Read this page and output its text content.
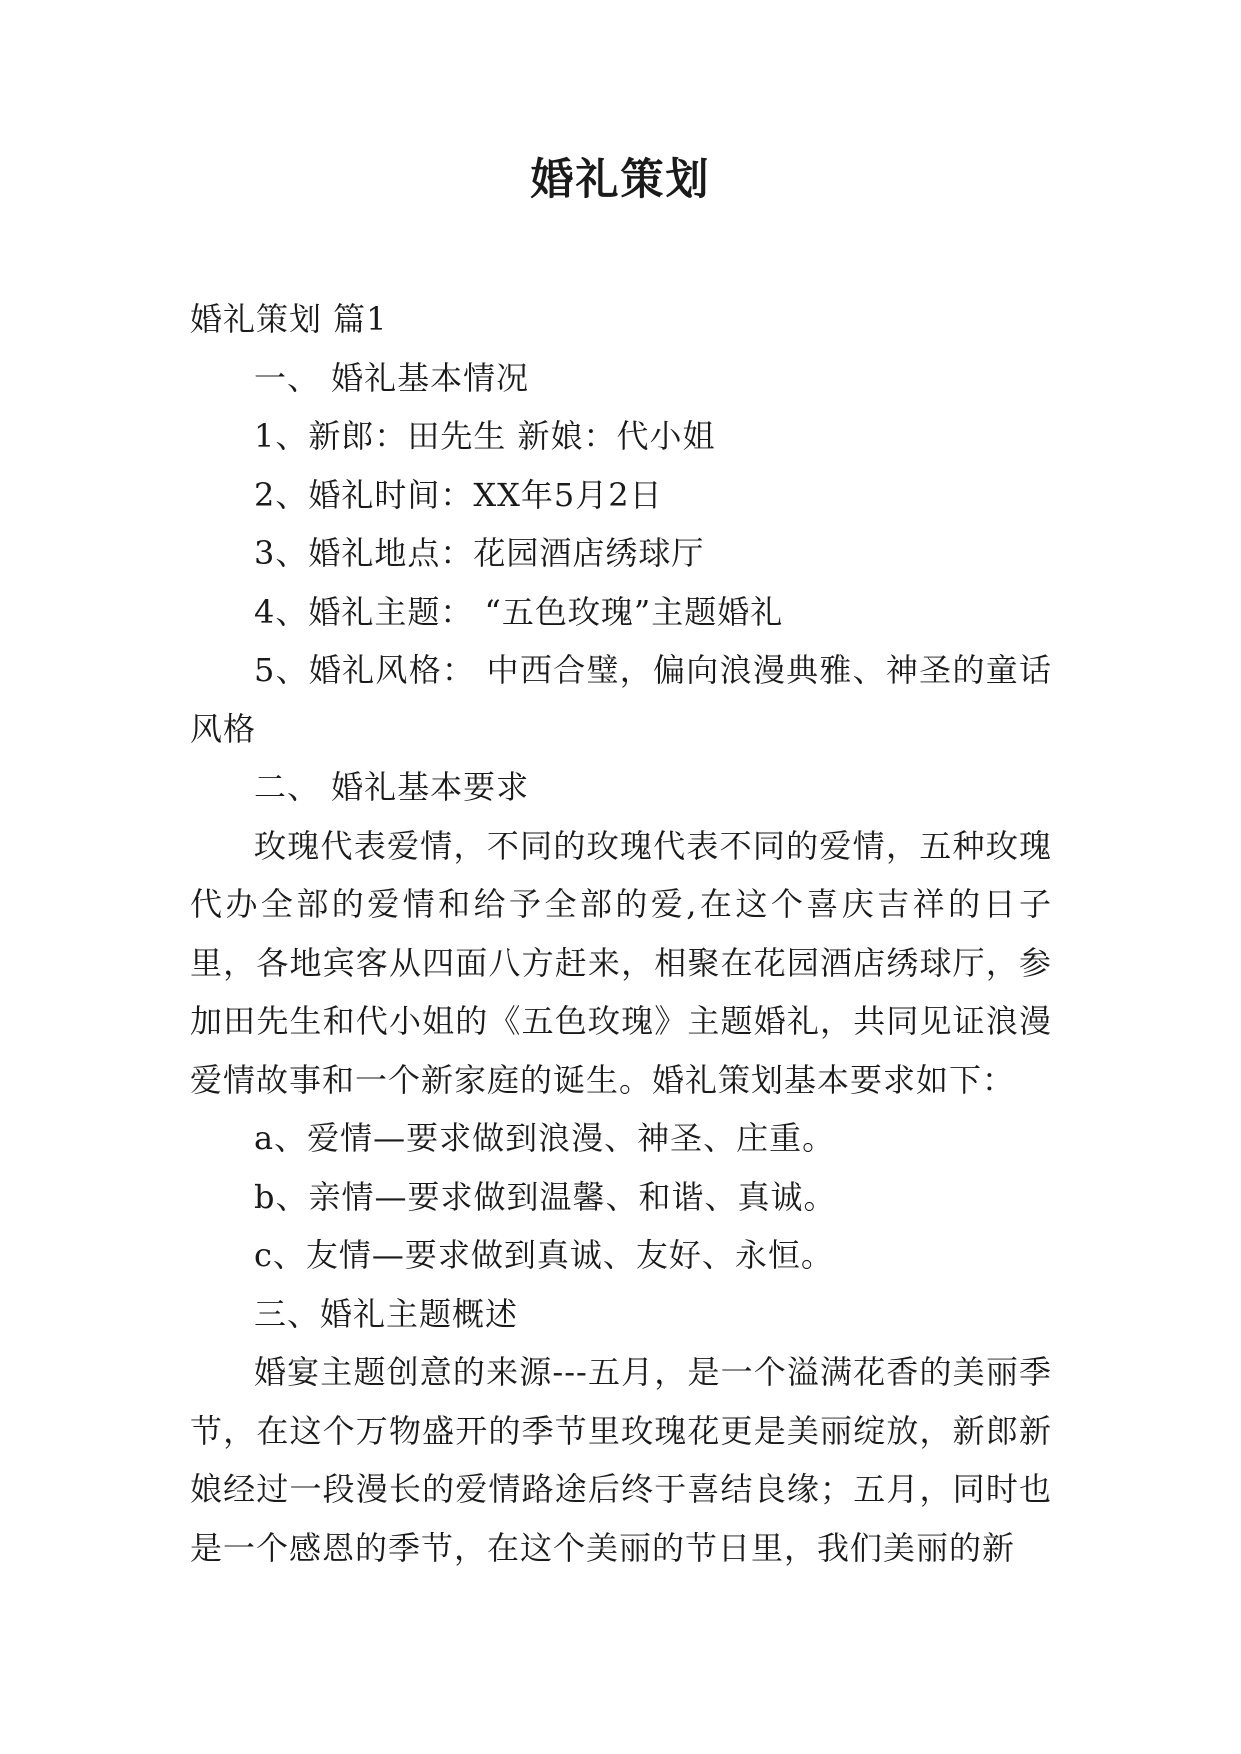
婚礼策划

婚礼策划 篇1

一、 婚礼基本情况

1、新郎：田先生 新娘：代小姐

2、婚礼时间：XX年5月2日

3、婚礼地点：花园酒店绣球厅

4、婚礼主题： “五色玫瑰”主题婚礼

5、婚礼风格： 中西合璧，偏向浪漫典雅、神圣的童话风格

二、 婚礼基本要求

玫瑰代表爱情，不同的玫瑰代表不同的爱情，五种玫瑰代办全部的爱情和给予全部的爱,在这个喜庆吉祥的日子里，各地宾客从四面八方赶来，相聚在花园酒店绣球厅，参加田先生和代小姐的《五色玫瑰》主题婚礼，共同见证浪漫爱情故事和一个新家庭的诞生。婚礼策划基本要求如下：

a、爱情—要求做到浪漫、神圣、庄重。

b、亲情—要求做到温馨、和谐、真诚。

c、友情—要求做到真诚、友好、永恒。

三、婚礼主题概述

婚宴主题创意的来源---五月，是一个溢满花香的美丽季节，在这个万物盛开的季节里玫瑰花更是美丽绽放，新郎新娘经过一段漫长的爱情路途后终于喜结良缘；五月，同时也是一个感恩的季节，在这个美丽的节日里，我们美丽的新
